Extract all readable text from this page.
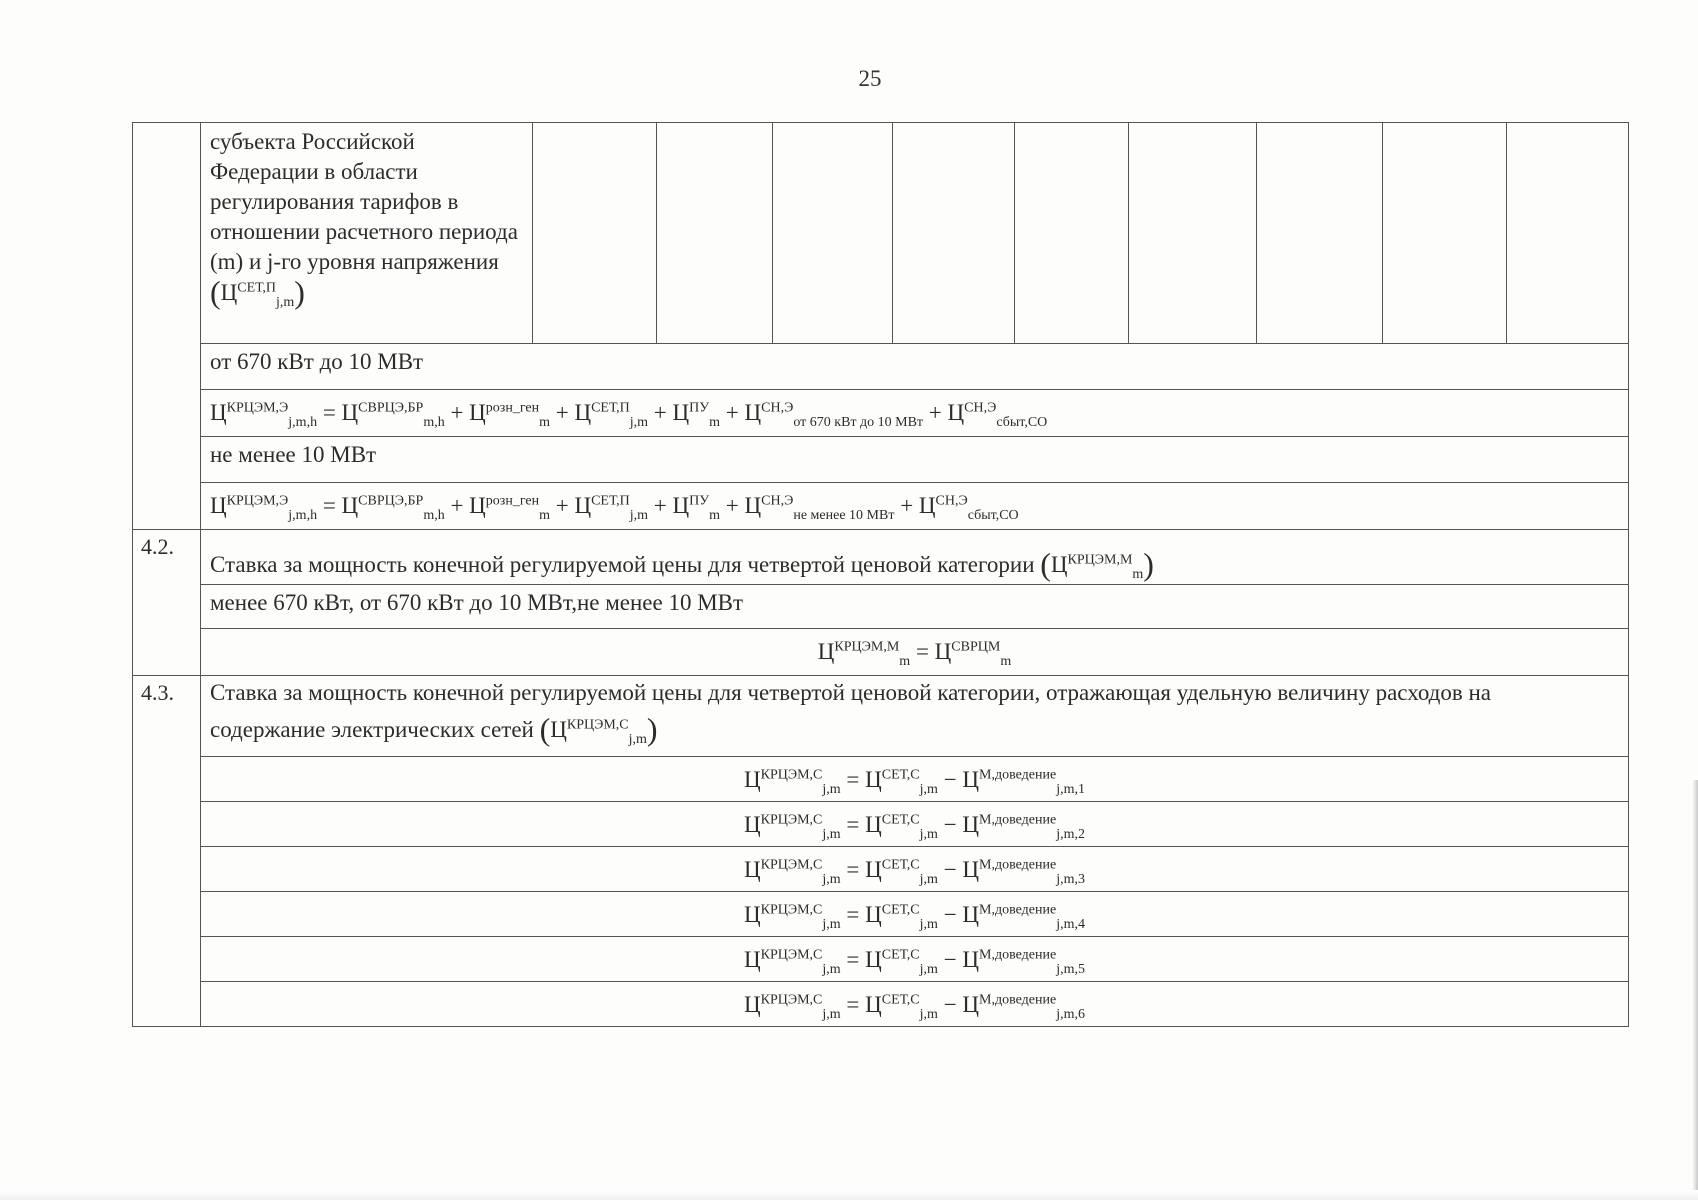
25
	субъекта Российской Федерации в области регулирования тарифов в отношении расчетного периода (m) и j-го уровня напряжения $(Ц^{СЕТ,П}_{j,m})$									
	от 670 кВт до 10 МВт									
	$Ц^{КРЦЭМ,Э}_{j,m,h} = Ц^{СВРЦЭ,БР}_{m,h} + Ц^{розн\_ген}_m + Ц^{СЕТ,П}_{j,m} + Ц^{ПУ}_m + Ц^{СН,Э}_{от 670 кВт до 10 МВт} + Ц^{СН,Э}_{сбыт,СО}$
	не менее 10 МВт									
	$Ц^{КРЦЭМ,Э}_{j,m,h} = Ц^{СВРЦЭ,БР}_{m,h} + Ц^{розн\_ген}_m + Ц^{СЕТ,П}_{j,m} + Ц^{ПУ}_m + Ц^{СН,Э}_{не менее 10 МВт} + Ц^{СН,Э}_{сбыт,СО}$
4.2.	Ставка за мощность конечной регулируемой цены для четвертой ценовой категории $(Ц^{КРЦЭМ,М}_m)$									
	менее 670 кВт, от 670 кВт до 10 МВт,не менее 10 МВт									
	$Ц^{КРЦЭМ,М}_m = Ц^{СВРЦМ}_m$
4.3.	Ставка за мощность конечной регулируемой цены для четвертой ценовой категории, отражающая удельную величину расходов на
содержание электрических сетей $(Ц^{КРЦЭМ,С}_{j,m})$									

	$Ц^{КРЦЭМ,С}_{j,m} = Ц^{СЕТ,С}_{j,m} - Ц^{М,доведение}_{j,m,1}$
	$Ц^{КРЦЭМ,С}_{j,m} = Ц^{СЕТ,С}_{j,m} - Ц^{М,доведение}_{j,m,2}$
	$Ц^{КРЦЭМ,С}_{j,m} = Ц^{СЕТ,С}_{j,m} - Ц^{М,доведение}_{j,m,3}$
	$Ц^{КРЦЭМ,С}_{j,m} = Ц^{СЕТ,С}_{j,m} - Ц^{М,доведение}_{j,m,4}$
	$Ц^{КРЦЭМ,С}_{j,m} = Ц^{СЕТ,С}_{j,m} - Ц^{М,доведение}_{j,m,5}$
	$Ц^{КРЦЭМ,С}_{j,m} = Ц^{СЕТ,С}_{j,m} - Ц^{М,доведение}_{j,m,6}$
